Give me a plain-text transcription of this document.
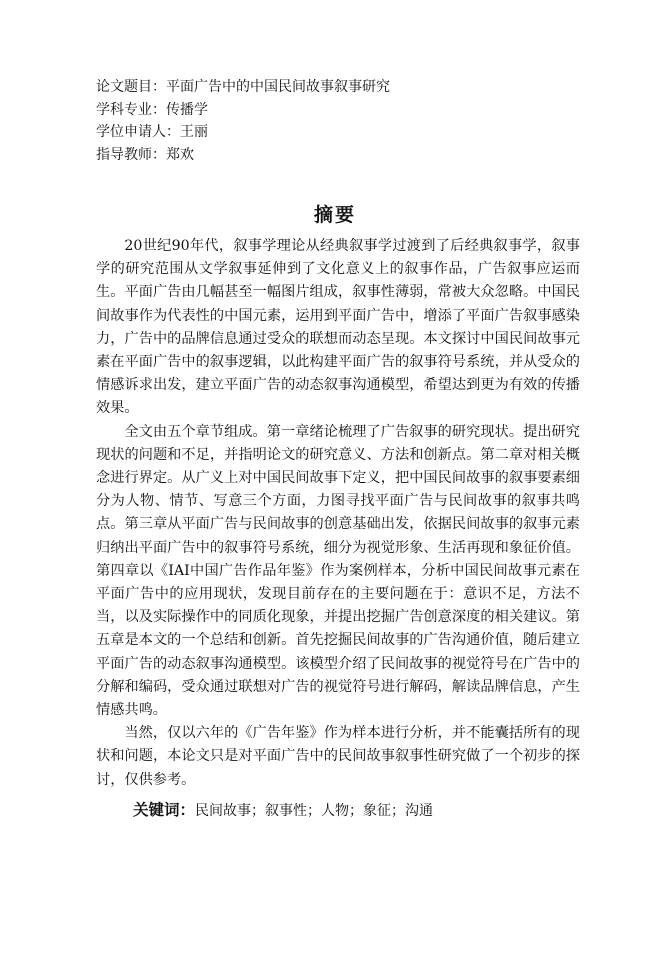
论文题目：平面广告中的中国民间故事叙事研究
学科专业：传播学
学位申请人：王丽
指导教师：郑欢
摘要

20世纪90年代，叙事学理论从经典叙事学过渡到了后经典叙事学，叙事学的研究范围从文学叙事延伸到了文化意义上的叙事作品，广告叙事应运而生。平面广告由几幅甚至一幅图片组成，叙事性薄弱，常被大众忽略。中国民间故事作为代表性的中国元素，运用到平面广告中，增添了平面广告叙事感染力，广告中的品牌信息通过受众的联想而动态呈现。本文探讨中国民间故事元素在平面广告中的叙事逻辑，以此构建平面广告的叙事符号系统，并从受众的情感诉求出发，建立平面广告的动态叙事沟通模型，希望达到更为有效的传播效果。

全文由五个章节组成。第一章绪论梳理了广告叙事的研究现状。提出研究现状的问题和不足，并指明论文的研究意义、方法和创新点。第二章对相关概念进行界定。从广义上对中国民间故事下定义，把中国民间故事的叙事要素细分为人物、情节、写意三个方面，力图寻找平面广告与民间故事的叙事共鸣点。第三章从平面广告与民间故事的创意基础出发，依据民间故事的叙事元素归纳出平面广告中的叙事符号系统，细分为视觉形象、生活再现和象征价值。第四章以《IAI中国广告作品年鉴》作为案例样本，分析中国民间故事元素在平面广告中的应用现状，发现目前存在的主要问题在于：意识不足，方法不当，以及实际操作中的同质化现象，并提出挖掘广告创意深度的相关建议。第五章是本文的一个总结和创新。首先挖掘民间故事的广告沟通价值，随后建立平面广告的动态叙事沟通模型。该模型介绍了民间故事的视觉符号在广告中的分解和编码，受众通过联想对广告的视觉符号进行解码，解读品牌信息，产生情感共鸣。

当然，仅以六年的《广告年鉴》作为样本进行分析，并不能囊括所有的现状和问题，本论文只是对平面广告中的民间故事叙事性研究做了一个初步的探讨，仅供参考。

关键词：民间故事；叙事性；人物；象征；沟通
